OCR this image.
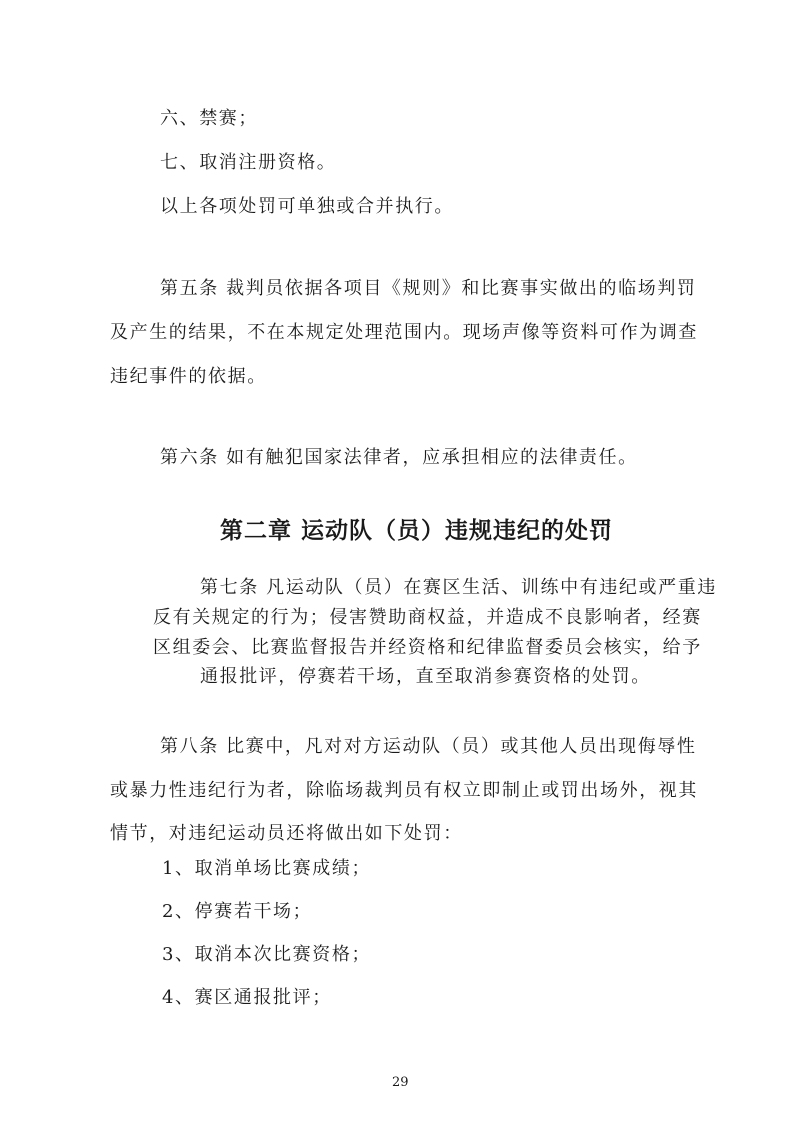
六、禁赛；
七、取消注册资格。
以上各项处罚可单独或合并执行。
第五条 裁判员依据各项目《规则》和比赛事实做出的临场判罚
及产生的结果，不在本规定处理范围内。现场声像等资料可作为调查
违纪事件的依据。
第六条 如有触犯国家法律者，应承担相应的法律责任。
第二章 运动队（员）违规违纪的处罚
第七条 凡运动队（员）在赛区生活、训练中有违纪或严重违
反有关规定的行为；侵害赞助商权益，并造成不良影响者，经赛
区组委会、比赛监督报告并经资格和纪律监督委员会核实，给予
通报批评，停赛若干场，直至取消参赛资格的处罚。
第八条 比赛中，凡对对方运动队（员）或其他人员出现侮辱性
或暴力性违纪行为者，除临场裁判员有权立即制止或罚出场外，视其
情节，对违纪运动员还将做出如下处罚：
1、取消单场比赛成绩；
2、停赛若干场；
3、取消本次比赛资格；
4、赛区通报批评；
29
